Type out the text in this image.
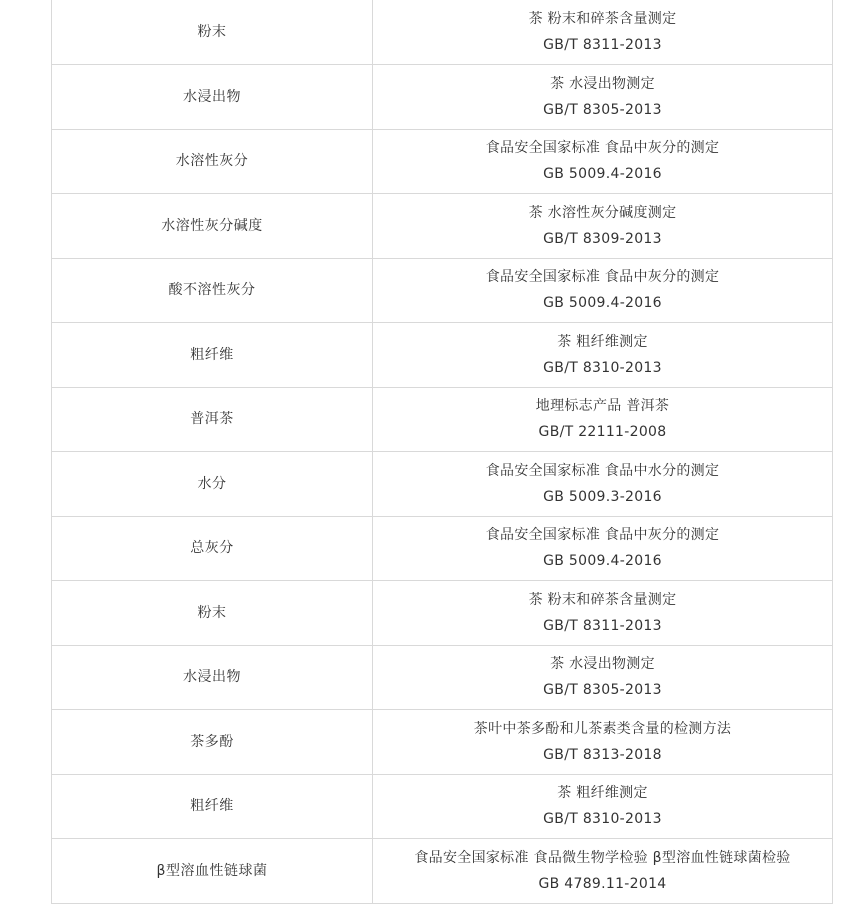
粉末	茶 粉末和碎茶含量测定
GB/T 8311-2013

水浸出物	茶 水浸出物测定
GB/T 8305-2013

水溶性灰分	食品安全国家标准 食品中灰分的测定
GB 5009.4-2016

水溶性灰分碱度	茶 水溶性灰分碱度测定
GB/T 8309-2013

酸不溶性灰分	食品安全国家标准 食品中灰分的测定
GB 5009.4-2016

粗纤维	茶 粗纤维测定
GB/T 8310-2013

普洱茶	地理标志产品 普洱茶
GB/T 22111-2008

水分	食品安全国家标准 食品中水分的测定
GB 5009.3-2016

总灰分	食品安全国家标准 食品中灰分的测定
GB 5009.4-2016

粉末	茶 粉末和碎茶含量测定
GB/T 8311-2013

水浸出物	茶 水浸出物测定
GB/T 8305-2013

茶多酚	茶叶中茶多酚和儿茶素类含量的检测方法
GB/T 8313-2018

粗纤维	茶 粗纤维测定
GB/T 8310-2013

β型溶血性链球菌	食品安全国家标准 食品微生物学检验 β型溶血性链球菌检验
GB 4789.11-2014
